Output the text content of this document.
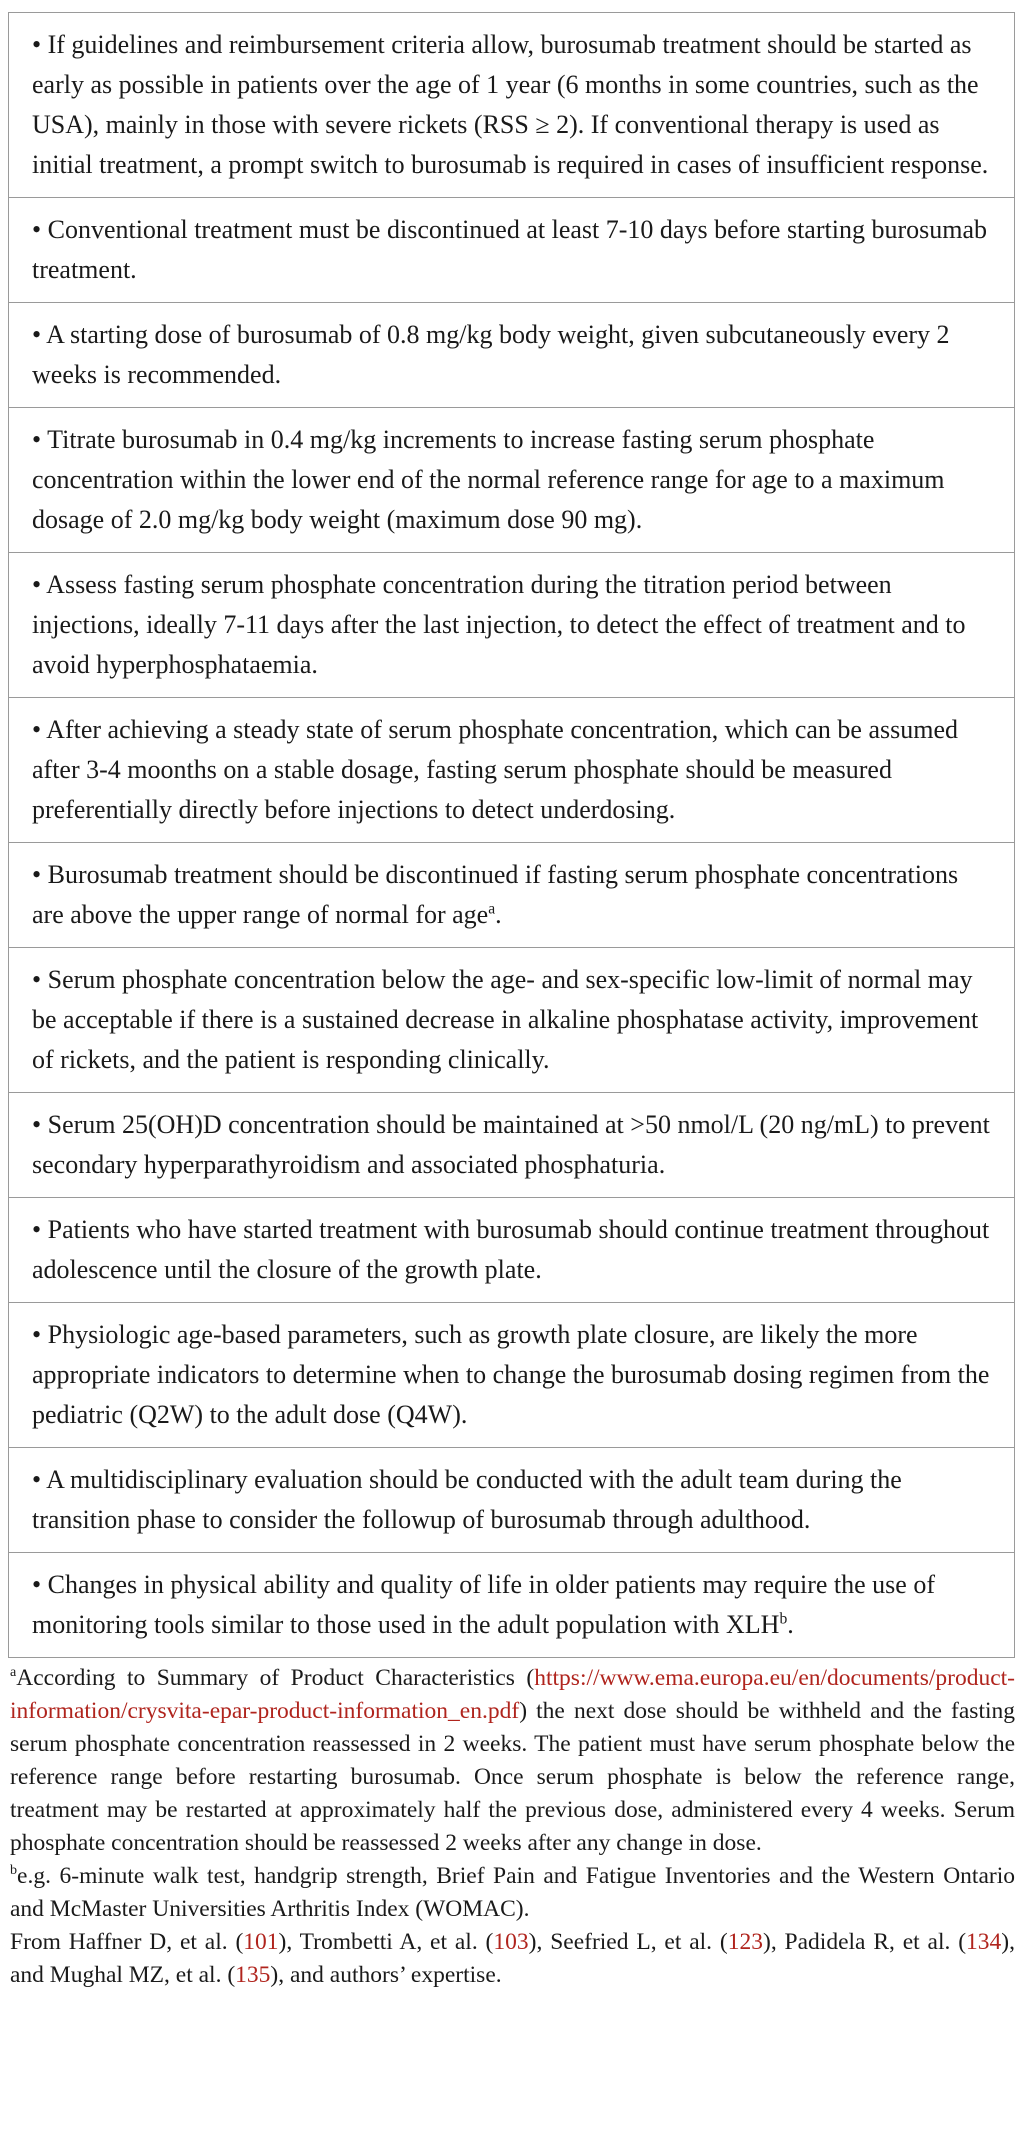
• If guidelines and reimbursement criteria allow, burosumab treatment should be started as early as possible in patients over the age of 1 year (6 months in some countries, such as the USA), mainly in those with severe rickets (RSS ≥ 2). If conventional therapy is used as initial treatment, a prompt switch to burosumab is required in cases of insufficient response.
• Conventional treatment must be discontinued at least 7-10 days before starting burosumab treatment.
• A starting dose of burosumab of 0.8 mg/kg body weight, given subcutaneously every 2 weeks is recommended.
• Titrate burosumab in 0.4 mg/kg increments to increase fasting serum phosphate concentration within the lower end of the normal reference range for age to a maximum dosage of 2.0 mg/kg body weight (maximum dose 90 mg).
• Assess fasting serum phosphate concentration during the titration period between injections, ideally 7-11 days after the last injection, to detect the effect of treatment and to avoid hyperphosphataemia.
• After achieving a steady state of serum phosphate concentration, which can be assumed after 3-4 moonths on a stable dosage, fasting serum phosphate should be measured preferentially directly before injections to detect underdosing.
• Burosumab treatment should be discontinued if fasting serum phosphate concentrations are above the upper range of normal for age$^a$.
• Serum phosphate concentration below the age- and sex-specific low-limit of normal may be acceptable if there is a sustained decrease in alkaline phosphatase activity, improvement of rickets, and the patient is responding clinically.
• Serum 25(OH)D concentration should be maintained at >50 nmol/L (20 ng/mL) to prevent secondary hyperparathyroidism and associated phosphaturia.
• Patients who have started treatment with burosumab should continue treatment throughout adolescence until the closure of the growth plate.
• Physiologic age-based parameters, such as growth plate closure, are likely the more appropriate indicators to determine when to change the burosumab dosing regimen from the pediatric (Q2W) to the adult dose (Q4W).
• A multidisciplinary evaluation should be conducted with the adult team during the transition phase to consider the followup of burosumab through adulthood.
• Changes in physical ability and quality of life in older patients may require the use of monitoring tools similar to those used in the adult population with XLH$^b$.

$^a$According to Summary of Product Characteristics (https://www.ema.europa.eu/en/documents/product-information/crysvita-epar-product-information_en.pdf) the next dose should be withheld and the fasting serum phosphate concentration reassessed in 2 weeks. The patient must have serum phosphate below the reference range before restarting burosumab. Once serum phosphate is below the reference range, treatment may be restarted at approximately half the previous dose, administered every 4 weeks. Serum phosphate concentration should be reassessed 2 weeks after any change in dose.

$^b$e.g. 6-minute walk test, handgrip strength, Brief Pain and Fatigue Inventories and the Western Ontario and McMaster Universities Arthritis Index (WOMAC).

From Haffner D, et al. (101), Trombetti A, et al. (103), Seefried L, et al. (123), Padidela R, et al. (134), and Mughal MZ, et al. (135), and authors’ expertise.
